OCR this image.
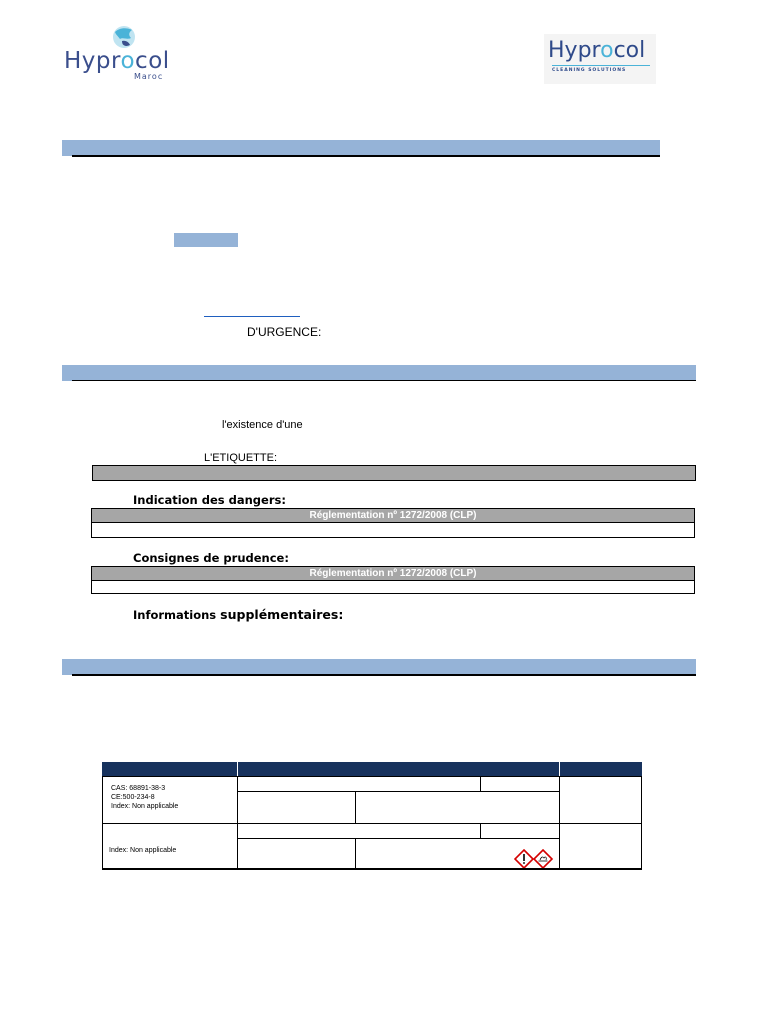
Hyprocol
Maroc
Hyprocol
CLEANING SOLUTIONS
D'URGENCE:
l'existence d'une
L'ETIQUETTE:
Indication des dangers:
Réglementation nº 1272/2008 (CLP)
Consignes de prudence:
Réglementation nº 1272/2008 (CLP)
Informations supplémentaires:
CAS: 68891-38-3
CE:500-234-8
Index: Non applicable
Index: Non applicable
